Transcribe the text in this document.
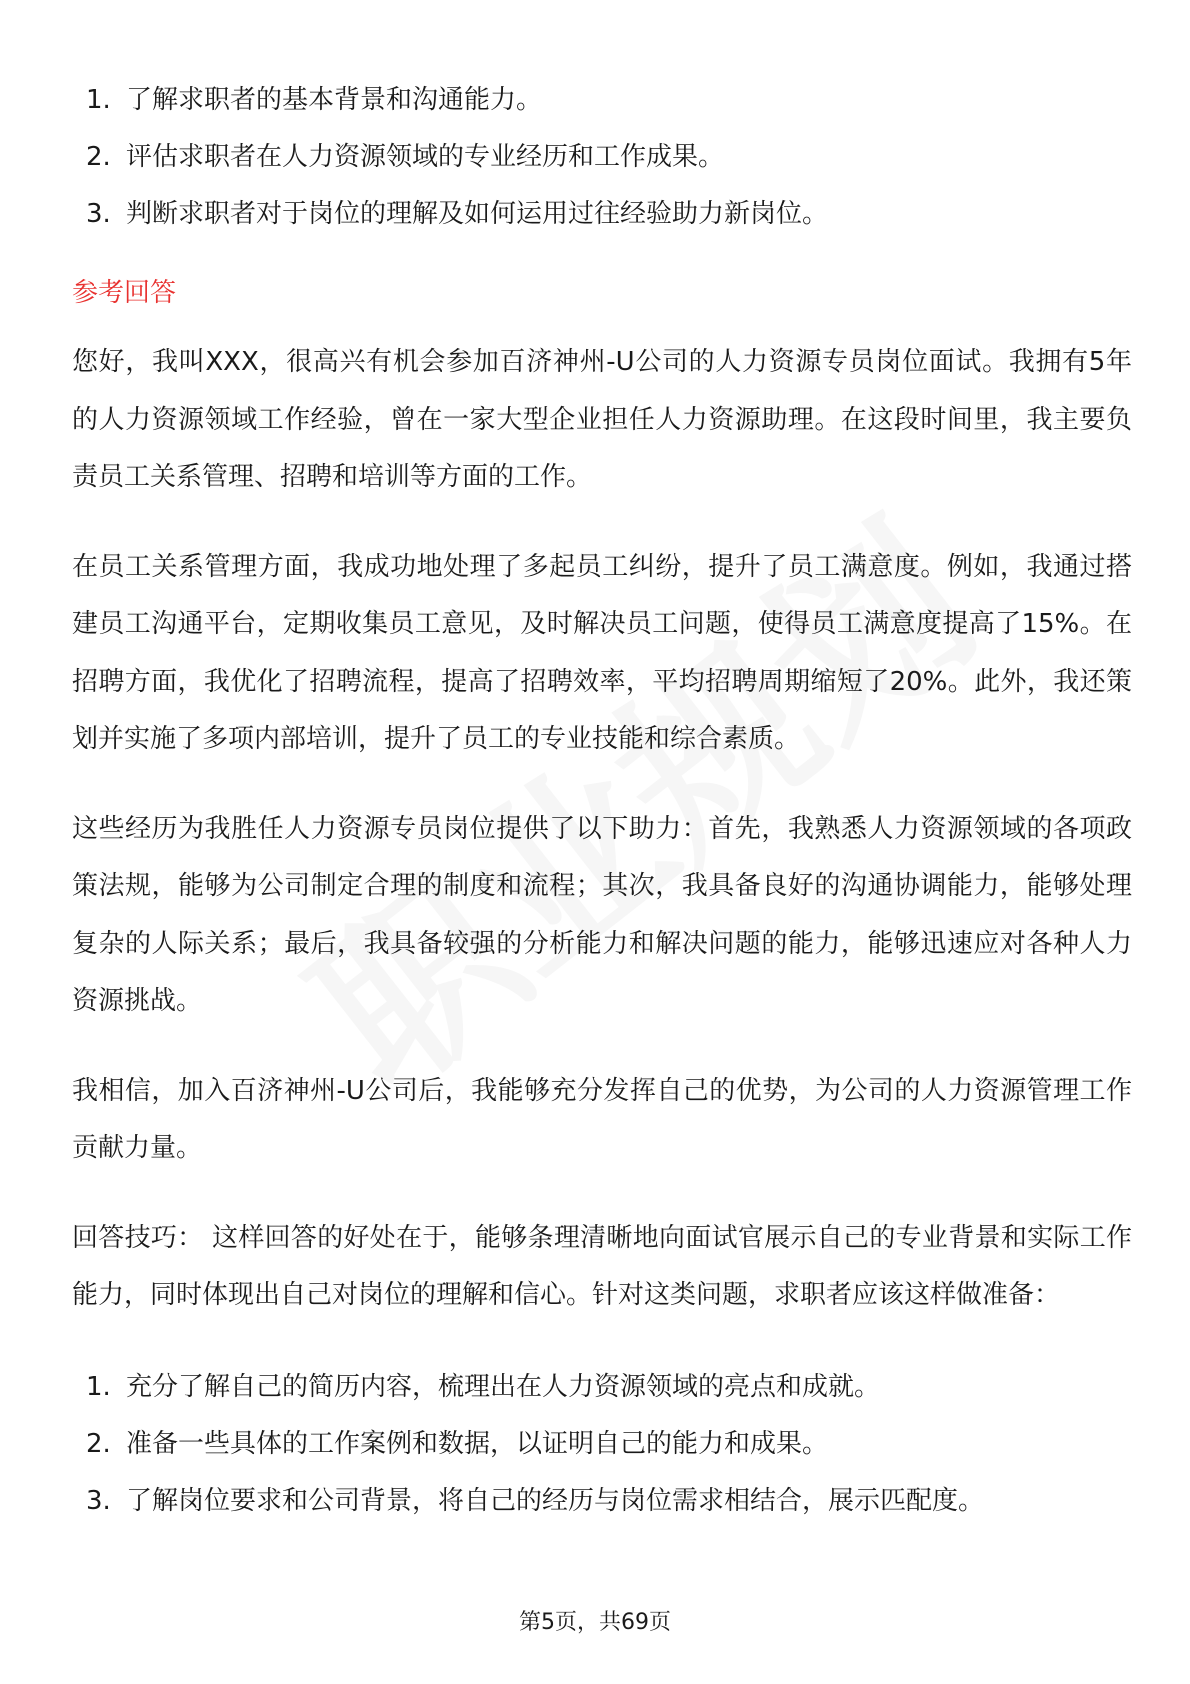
1. 了解求职者的基本背景和沟通能力。
2. 评估求职者在人力资源领域的专业经历和工作成果。
3. 判断求职者对于岗位的理解及如何运用过往经验助力新岗位。
参考回答

您好，我叫XXX，很高兴有机会参加百济神州-U公司的人力资源专员岗位面试。我拥有5年的人力资源领域工作经验，曾在一家大型企业担任人力资源助理。在这段时间里，我主要负责员工关系管理、招聘和培训等方面的工作。

在员工关系管理方面，我成功地处理了多起员工纠纷，提升了员工满意度。例如，我通过搭建员工沟通平台，定期收集员工意见，及时解决员工问题，使得员工满意度提高了15%。在招聘方面，我优化了招聘流程，提高了招聘效率，平均招聘周期缩短了20%。此外，我还策划并实施了多项内部培训，提升了员工的专业技能和综合素质。

这些经历为我胜任人力资源专员岗位提供了以下助力：首先，我熟悉人力资源领域的各项政策法规，能够为公司制定合理的制度和流程；其次，我具备良好的沟通协调能力，能够处理复杂的人际关系；最后，我具备较强的分析能力和解决问题的能力，能够迅速应对各种人力资源挑战。

我相信，加入百济神州-U公司后，我能够充分发挥自己的优势，为公司的人力资源管理工作贡献力量。

回答技巧： 这样回答的好处在于，能够条理清晰地向面试官展示自己的专业背景和实际工作能力，同时体现出自己对岗位的理解和信心。针对这类问题，求职者应该这样做准备：

1. 充分了解自己的简历内容，梳理出在人力资源领域的亮点和成就。
2. 准备一些具体的工作案例和数据，以证明自己的能力和成果。
3. 了解岗位要求和公司背景，将自己的经历与岗位需求相结合，展示匹配度。
第5页，共69页
